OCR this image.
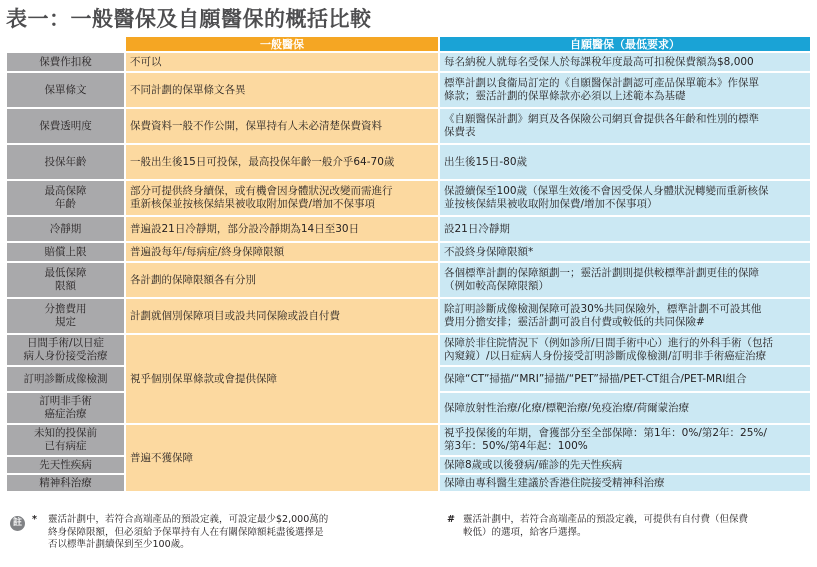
表一：一般醫保及自願醫保的概括比較
	一般醫保	自願醫保（最低要求）

保費作扣稅	不可以	每名納稅人就每名受保人於每課稅年度最高可扣稅保費額為$8,000

保單條文	不同計劃的保單條文各異	標準計劃以食衞局訂定的《自願醫保計劃認可產品保單範本》作保單
條款；靈活計劃的保單條款亦必須以上述範本為基礎

保費透明度	保費資料一般不作公開，保單持有人未必清楚保費資料	《自願醫保計劃》網頁及各保險公司網頁會提供各年齡和性別的標準
保費表

投保年齡	一般出生後15日可投保，最高投保年齡一般介乎64-70歲	出生後15日-80歲

最高保障
年齡	部分可提供終身續保，或有機會因身體狀況改變而需進行
重新核保並按核保結果被收取附加保費/增加不保事項	保證續保至100歲（保單生效後不會因受保人身體狀況轉變而重新核保
並按核保結果被收取附加保費/增加不保事項）

冷靜期	普遍設21日冷靜期，部分設冷靜期為14日至30日	設21日冷靜期

賠償上限	普遍設每年/每病症/終身保障限額	不設終身保障限額*

最低保障
限額	各計劃的保障限額各有分別	各個標準計劃的保障額劃一；靈活計劃則提供較標準計劃更佳的保障
（例如較高保障限額）

分擔費用
規定	計劃就個別保障項目或設共同保險或設自付費	除訂明診斷成像檢測保障可設30%共同保險外，標準計劃不可設其他
費用分擔安排；靈活計劃可設自付費或較低的共同保險#

日間手術/以日症
病人身份接受治療	視乎個別保單條款或會提供保障	保障於非住院情況下（例如診所/日間手術中心）進行的外科手術（包括
內窺鏡）/以日症病人身份接受訂明診斷成像檢測/訂明非手術癌症治療

訂明診斷成像檢測		保障“CT”掃描/“MRI”掃描/“PET”掃描/PET-CT組合/PET-MRI組合

訂明非手術
癌症治療		保障放射性治療/化療/標靶治療/免疫治療/荷爾蒙治療

未知的投保前
已有病症	普遍不獲保障	視乎投保後的年期，會獲部分至全部保障：第1年：0%/第2年：25%/
第3年：50%/第4年起：100%

先天性疾病		保障8歲或以後發病/確診的先天性疾病

精神科治療		保障由專科醫生建議於香港住院接受精神科治療
註	* 靈活計劃中，若符合高端產品的預設定義，可設定最少$2,000萬的
終身保障限額，但必須給予保單持有人在有關保障額耗盡後選擇是
否以標準計劃續保到至少100歲。
# 靈活計劃中，若符合高端產品的預設定義，可提供有自付費（但保費
較低）的選項，給客戶選擇。
